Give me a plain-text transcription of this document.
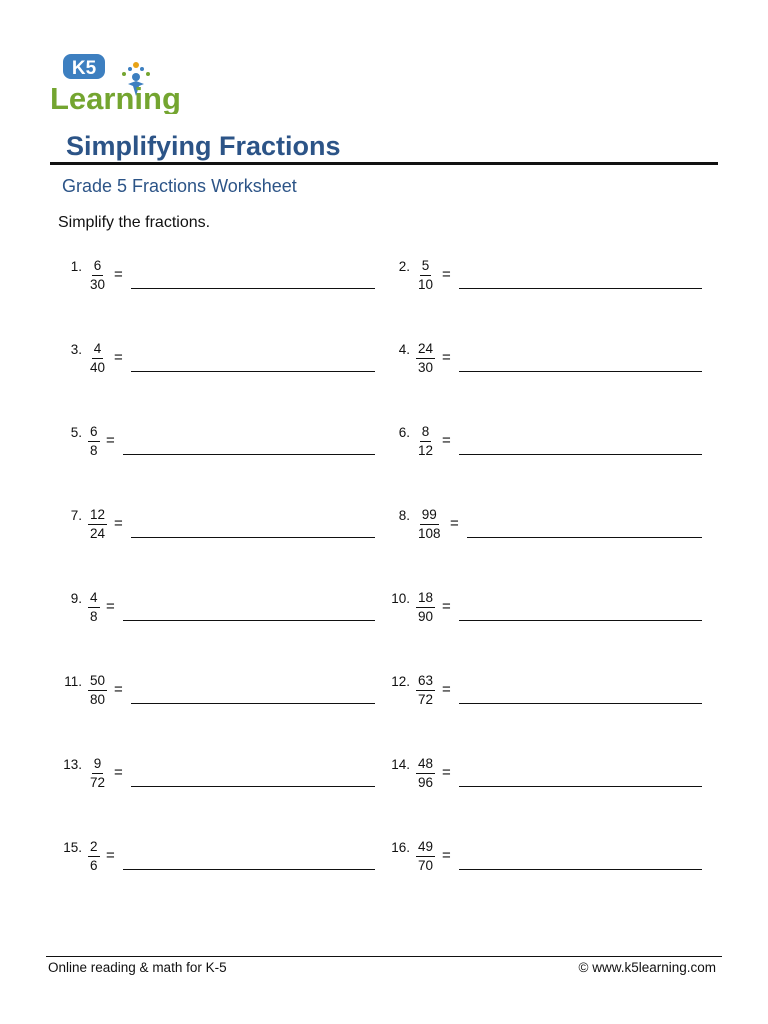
K5
Learning
Simplifying Fractions
Grade 5 Fractions Worksheet
Simplify the fractions.
1. $\frac{6}{30}$ =	2. $\frac{5}{10}$ =
3. $\frac{4}{40}$ =	4. $\frac{24}{30}$ =
5. $\frac{6}{8}$ =	6. $\frac{8}{12}$ =
7. $\frac{12}{24}$ =	8. $\frac{99}{108}$ =
9. $\frac{4}{8}$ =	10. $\frac{18}{90}$ =
11. $\frac{50}{80}$ =	12. $\frac{63}{72}$ =
13. $\frac{9}{72}$ =	14. $\frac{48}{96}$ =
15. $\frac{2}{6}$ =	16. $\frac{49}{70}$ =
Online reading & math for K-5	© www.k5learning.com
